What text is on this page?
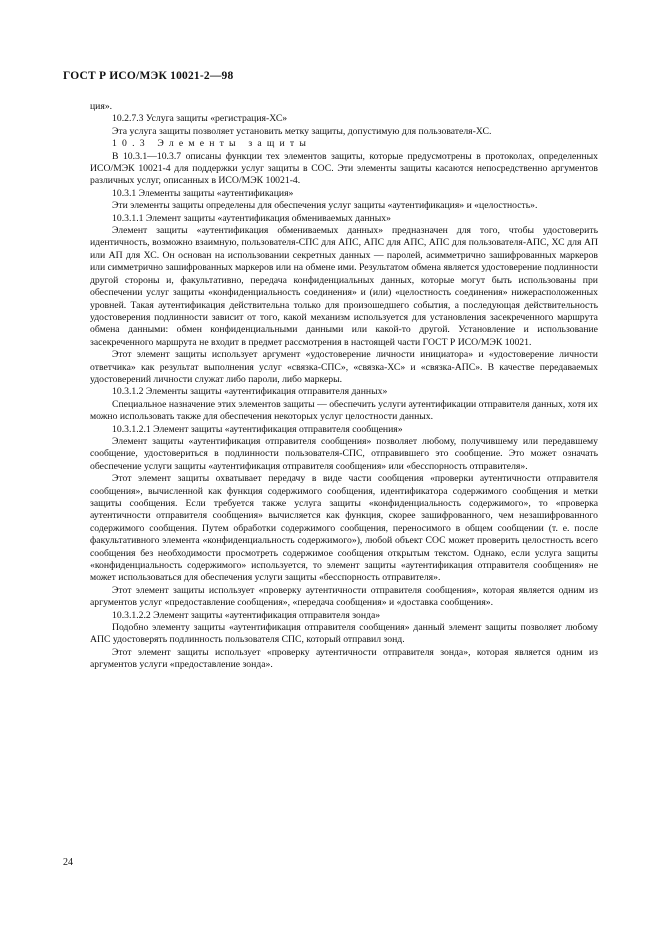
ГОСТ Р ИСО/МЭК 10021-2—98

ция».

10.2.7.3 Услуга защиты «регистрация-ХС»

Эта услуга защиты позволяет установить метку защиты, допустимую для пользователя-ХС.

10.3 Элементы защиты

В 10.3.1—10.3.7 описаны функции тех элементов защиты, которые предусмотрены в протоколах, определенных ИСО/МЭК 10021-4 для поддержки услуг защиты в СОС. Эти элементы защиты касаются непосредственно аргументов различных услуг, описанных в ИСО/МЭК 10021-4.

10.3.1 Элементы защиты «аутентификация»

Эти элементы защиты определены для обеспечения услуг защиты «аутентификация» и «целостность».

10.3.1.1 Элемент защиты «аутентификация обмениваемых данных»

Элемент защиты «аутентификация обмениваемых данных» предназначен для того, чтобы удостоверить идентичность, возможно взаимную, пользователя-СПС для АПС, АПС для АПС, АПС для пользователя-АПС, ХС для АП или АП для ХС. Он основан на использовании секретных данных — паролей, асимметрично зашифрованных маркеров или симметрично зашифрованных маркеров или на обмене ими. Результатом обмена является удостоверение подлинности другой стороны и, факультативно, передача конфиденциальных данных, которые могут быть использованы при обеспечении услуг защиты «конфиденциальность соединения» и (или) «целостность соединения» нижерасположенных уровней. Такая аутентификация действительна только для произошедшего события, а последующая действительность удостоверения подлинности зависит от того, какой механизм используется для установления засекреченного маршрута обмена данными: обмен конфиденциальными данными или какой-то другой. Установление и использование засекреченного маршрута не входит в предмет рассмотрения в настоящей части ГОСТ Р ИСО/МЭК 10021.

Этот элемент защиты использует аргумент «удостоверение личности инициатора» и «удостоверение личности ответчика» как результат выполнения услуг «связка-СПС», «связка-ХС» и «связка-АПС». В качестве передаваемых удостоверений личности служат либо пароли, либо маркеры.

10.3.1.2 Элементы защиты «аутентификация отправителя данных»

Специальное назначение этих элементов защиты — обеспечить услуги аутентификации отправителя данных, хотя их можно использовать также для обеспечения некоторых услуг целостности данных.

10.3.1.2.1 Элемент защиты «аутентификация отправителя сообщения»

Элемент защиты «аутентификация отправителя сообщения» позволяет любому, получившему или передавшему сообщение, удостовериться в подлинности пользователя-СПС, отправившего это сообщение. Это может означать обеспечение услуги защиты «аутентификация отправителя сообщения» или «бесспорность отправителя».

Этот элемент защиты охватывает передачу в виде части сообщения «проверки аутентичности отправителя сообщения», вычисленной как функция содержимого сообщения, идентификатора содержимого сообщения и метки защиты сообщения. Если требуется также услуга защиты «конфиденциальность содержимого», то «проверка аутентичности отправителя сообщения» вычисляется как функция, скорее зашифрованного, чем незашифрованного содержимого сообщения. Путем обработки содержимого сообщения, переносимого в общем сообщении (т. е. после факультативного элемента «конфиденциальность содержимого»), любой объект СОС может проверить целостность всего сообщения без необходимости просмотреть содержимое сообщения открытым текстом. Однако, если услуга защиты «конфиденциальность содержимого» используется, то элемент защиты «аутентификация отправителя сообщения» не может использоваться для обеспечения услуги защиты «бесспорность отправителя».

Этот элемент защиты использует «проверку аутентичности отправителя сообщения», которая является одним из аргументов услуг «предоставление сообщения», «передача сообщения» и «доставка сообщения».

10.3.1.2.2 Элемент защиты «аутентификация отправителя зонда»

Подобно элементу защиты «аутентификация отправителя сообщения» данный элемент защиты позволяет любому АПС удостоверять подлинность пользователя СПС, который отправил зонд.

Этот элемент защиты использует «проверку аутентичности отправителя зонда», которая является одним из аргументов услуги «предоставление зонда».

24
